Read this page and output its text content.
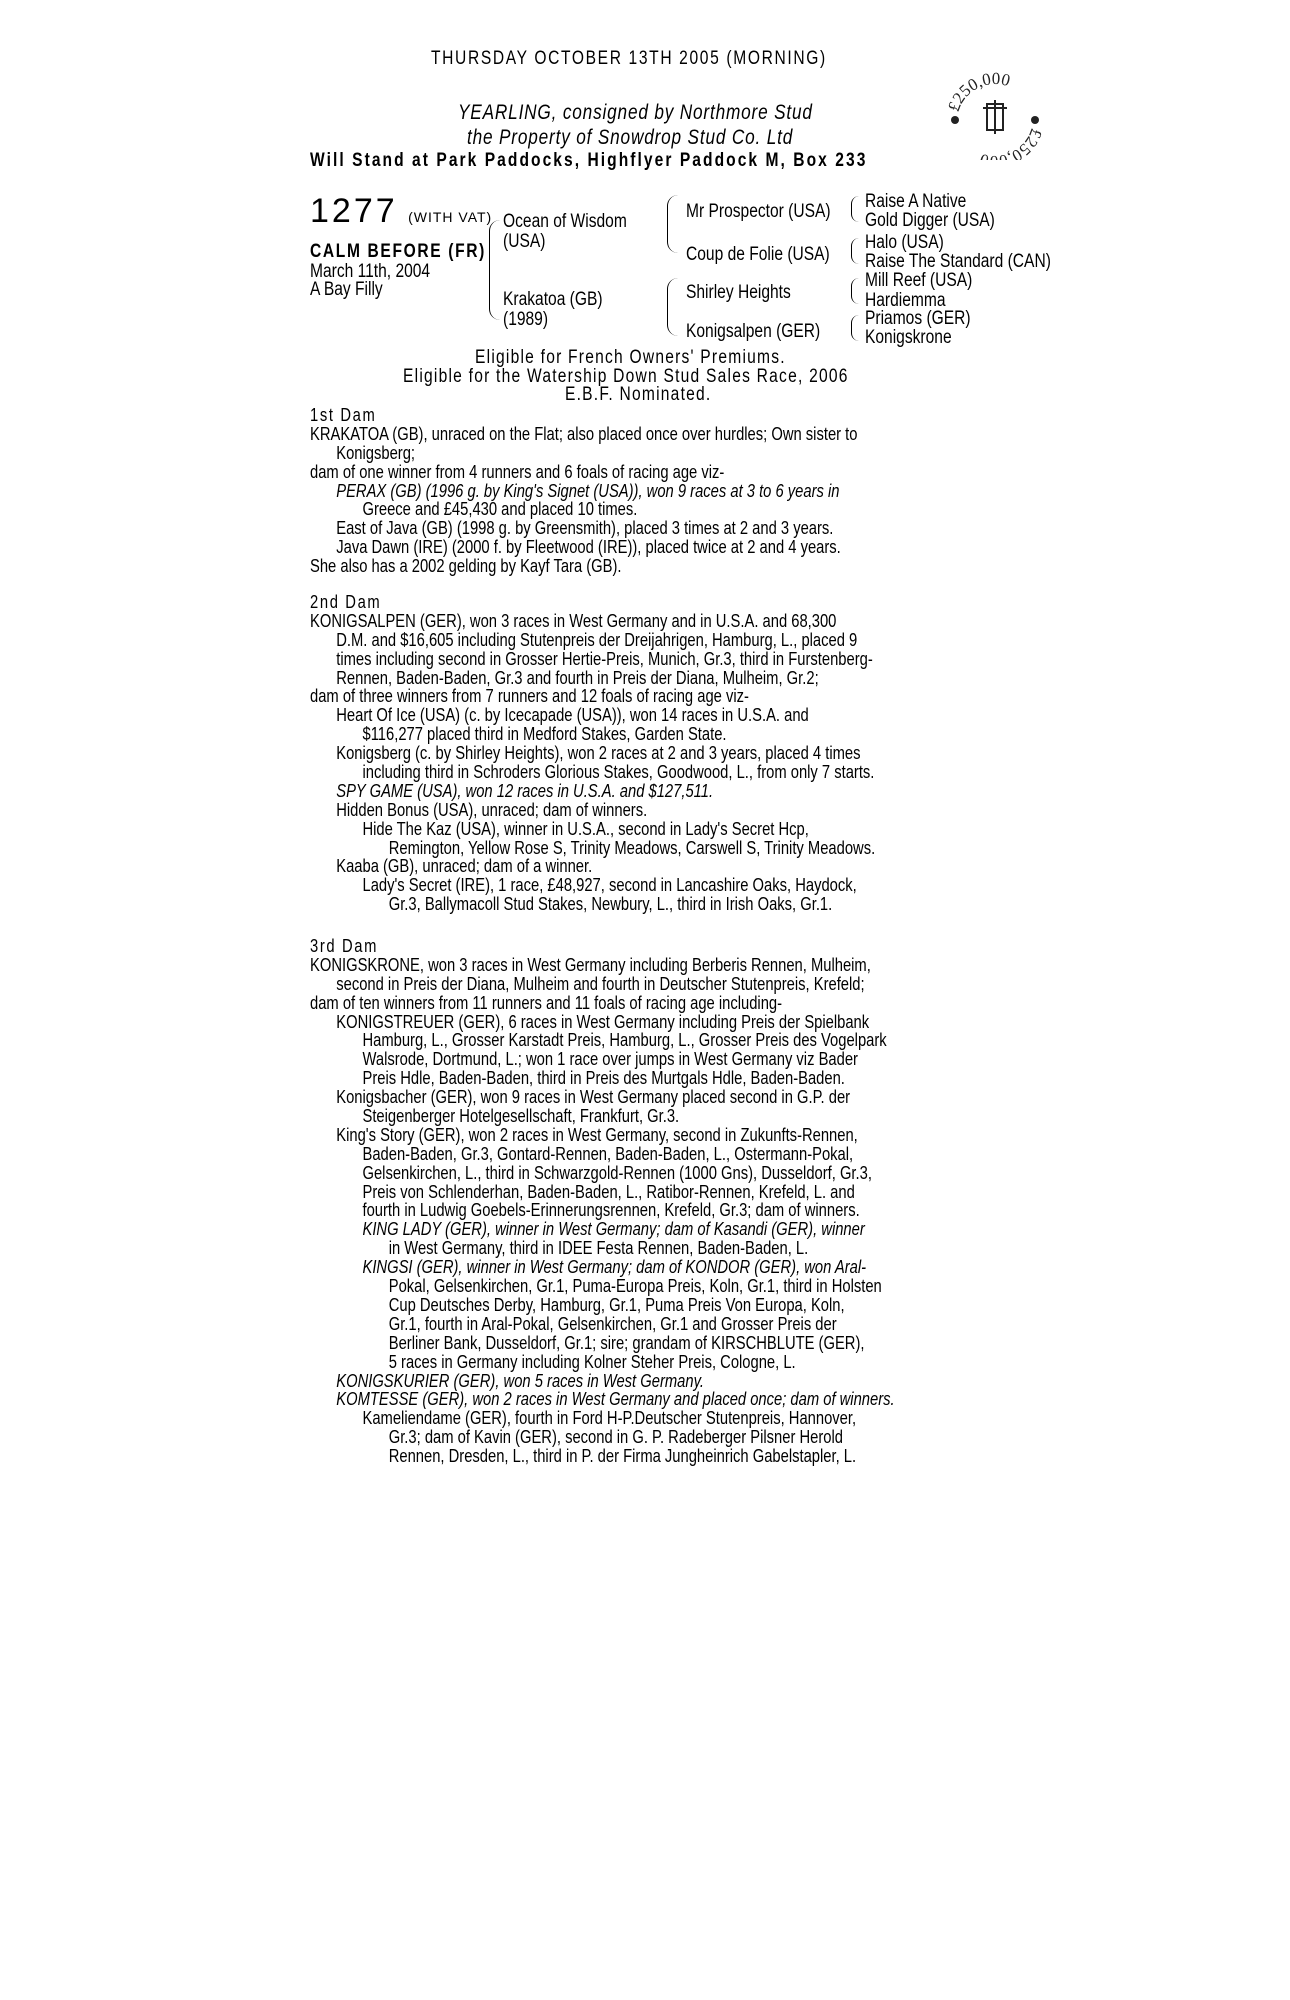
THURSDAY OCTOBER 13TH 2005 (MORNING)
YEARLING, consigned by Northmore Stud
the Property of Snowdrop Stud Co. Ltd
Will Stand at Park Paddocks, Highflyer Paddock M, Box 233
£250,000
£250,
1277 (WITH VAT)
CALM BEFORE (FR)
March 11th, 2004
A Bay Filly
Ocean of Wisdom
(USA)
Krakatoa (GB)
(1989)
Mr Prospector (USA)
Coup de Folie (USA)
Shirley Heights
Konigsalpen (GER)
Raise A Native
Gold Digger (USA)
Halo (USA)
Raise The Standard (CAN)
Mill Reef (USA)
Hardiemma
Priamos (GER)
Konigskrone
Eligible for French Owners' Premiums.
Eligible for the Watership Down Stud Sales Race, 2006
E.B.F. Nominated.
1st Dam
KRAKATOA (GB), unraced on the Flat; also placed once over hurdles; Own sister to
Konigsberg;
dam of one winner from 4 runners and 6 foals of racing age viz-
PERAX (GB) (1996 g. by King's Signet (USA)), won 9 races at 3 to 6 years in
Greece and £45,430 and placed 10 times.
East of Java (GB) (1998 g. by Greensmith), placed 3 times at 2 and 3 years.
Java Dawn (IRE) (2000 f. by Fleetwood (IRE)), placed twice at 2 and 4 years.
She also has a 2002 gelding by Kayf Tara (GB).
2nd Dam
KONIGSALPEN (GER), won 3 races in West Germany and in U.S.A. and 68,300
D.M. and $16,605 including Stutenpreis der Dreijahrigen, Hamburg, L., placed 9
times including second in Grosser Hertie-Preis, Munich, Gr.3, third in Furstenberg-
Rennen, Baden-Baden, Gr.3 and fourth in Preis der Diana, Mulheim, Gr.2;
dam of three winners from 7 runners and 12 foals of racing age viz-
Heart Of Ice (USA) (c. by Icecapade (USA)), won 14 races in U.S.A. and
$116,277 placed third in Medford Stakes, Garden State.
Konigsberg (c. by Shirley Heights), won 2 races at 2 and 3 years, placed 4 times
including third in Schroders Glorious Stakes, Goodwood, L., from only 7 starts.
SPY GAME (USA), won 12 races in U.S.A. and $127,511.
Hidden Bonus (USA), unraced; dam of winners.
Hide The Kaz (USA), winner in U.S.A., second in Lady's Secret Hcp,
Remington, Yellow Rose S, Trinity Meadows, Carswell S, Trinity Meadows.
Kaaba (GB), unraced; dam of a winner.
Lady's Secret (IRE), 1 race, £48,927, second in Lancashire Oaks, Haydock,
Gr.3, Ballymacoll Stud Stakes, Newbury, L., third in Irish Oaks, Gr.1.
3rd Dam
KONIGSKRONE, won 3 races in West Germany including Berberis Rennen, Mulheim,
second in Preis der Diana, Mulheim and fourth in Deutscher Stutenpreis, Krefeld;
dam of ten winners from 11 runners and 11 foals of racing age including-
KONIGSTREUER (GER), 6 races in West Germany including Preis der Spielbank
Hamburg, L., Grosser Karstadt Preis, Hamburg, L., Grosser Preis des Vogelpark
Walsrode, Dortmund, L.; won 1 race over jumps in West Germany viz Bader
Preis Hdle, Baden-Baden, third in Preis des Murtgals Hdle, Baden-Baden.
Konigsbacher (GER), won 9 races in West Germany placed second in G.P. der
Steigenberger Hotelgesellschaft, Frankfurt, Gr.3.
King's Story (GER), won 2 races in West Germany, second in Zukunfts-Rennen,
Baden-Baden, Gr.3, Gontard-Rennen, Baden-Baden, L., Ostermann-Pokal,
Gelsenkirchen, L., third in Schwarzgold-Rennen (1000 Gns), Dusseldorf, Gr.3,
Preis von Schlenderhan, Baden-Baden, L., Ratibor-Rennen, Krefeld, L. and
fourth in Ludwig Goebels-Erinnerungsrennen, Krefeld, Gr.3; dam of winners.
KING LADY (GER), winner in West Germany; dam of Kasandi (GER), winner
in West Germany, third in IDEE Festa Rennen, Baden-Baden, L.
KINGSI (GER), winner in West Germany; dam of KONDOR (GER), won Aral-
Pokal, Gelsenkirchen, Gr.1, Puma-Europa Preis, Koln, Gr.1, third in Holsten
Cup Deutsches Derby, Hamburg, Gr.1, Puma Preis Von Europa, Koln,
Gr.1, fourth in Aral-Pokal, Gelsenkirchen, Gr.1 and Grosser Preis der
Berliner Bank, Dusseldorf, Gr.1; sire; grandam of KIRSCHBLUTE (GER),
5 races in Germany including Kolner Steher Preis, Cologne, L.
KONIGSKURIER (GER), won 5 races in West Germany.
KOMTESSE (GER), won 2 races in West Germany and placed once; dam of winners.
Kameliendame (GER), fourth in Ford H-P.Deutscher Stutenpreis, Hannover,
Gr.3; dam of Kavin (GER), second in G. P. Radeberger Pilsner Herold
Rennen, Dresden, L., third in P. der Firma Jungheinrich Gabelstapler, L.
